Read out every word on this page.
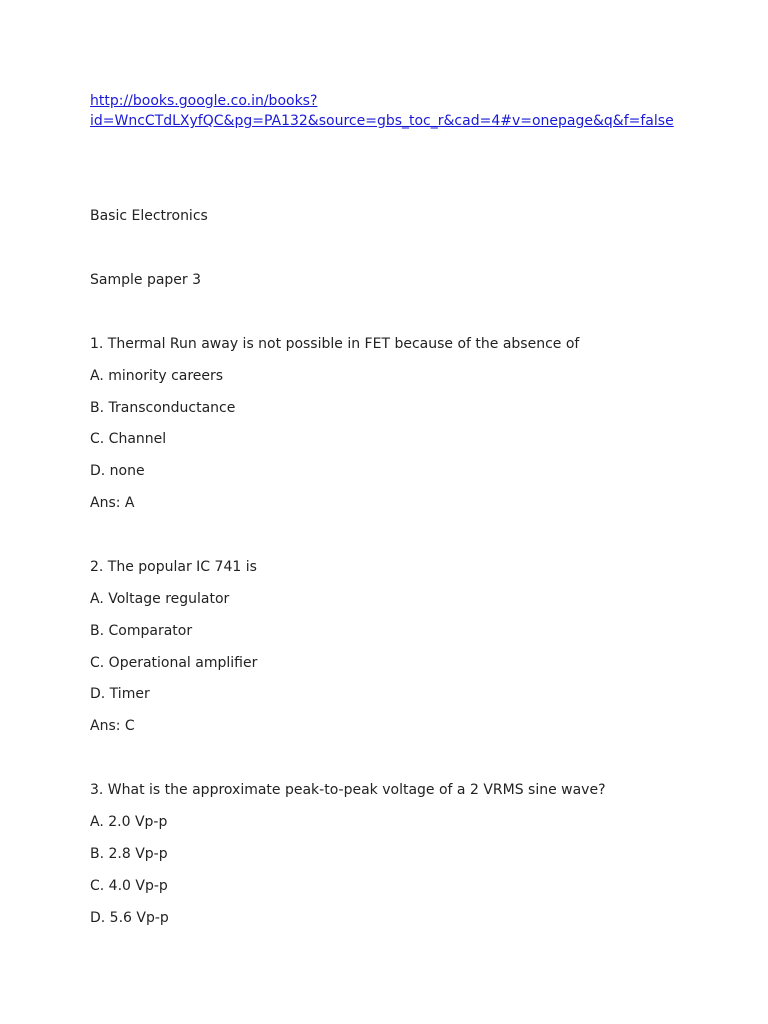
http://books.google.co.in/books?
id=WncCTdLXyfQC&pg=PA132&source=gbs_toc_r&cad=4#v=onepage&q&f=false
Basic Electronics
Sample paper 3
1. Thermal Run away is not possible in FET because of the absence of
A. minority careers
B. Transconductance
C. Channel
D. none
Ans: A
2. The popular IC 741 is
A. Voltage regulator
B. Comparator
C. Operational amplifier
D. Timer
Ans: C
3. What is the approximate peak-to-peak voltage of a 2 VRMS sine wave?
A. 2.0 Vp-p
B. 2.8 Vp-p
C. 4.0 Vp-p
D. 5.6 Vp-p
